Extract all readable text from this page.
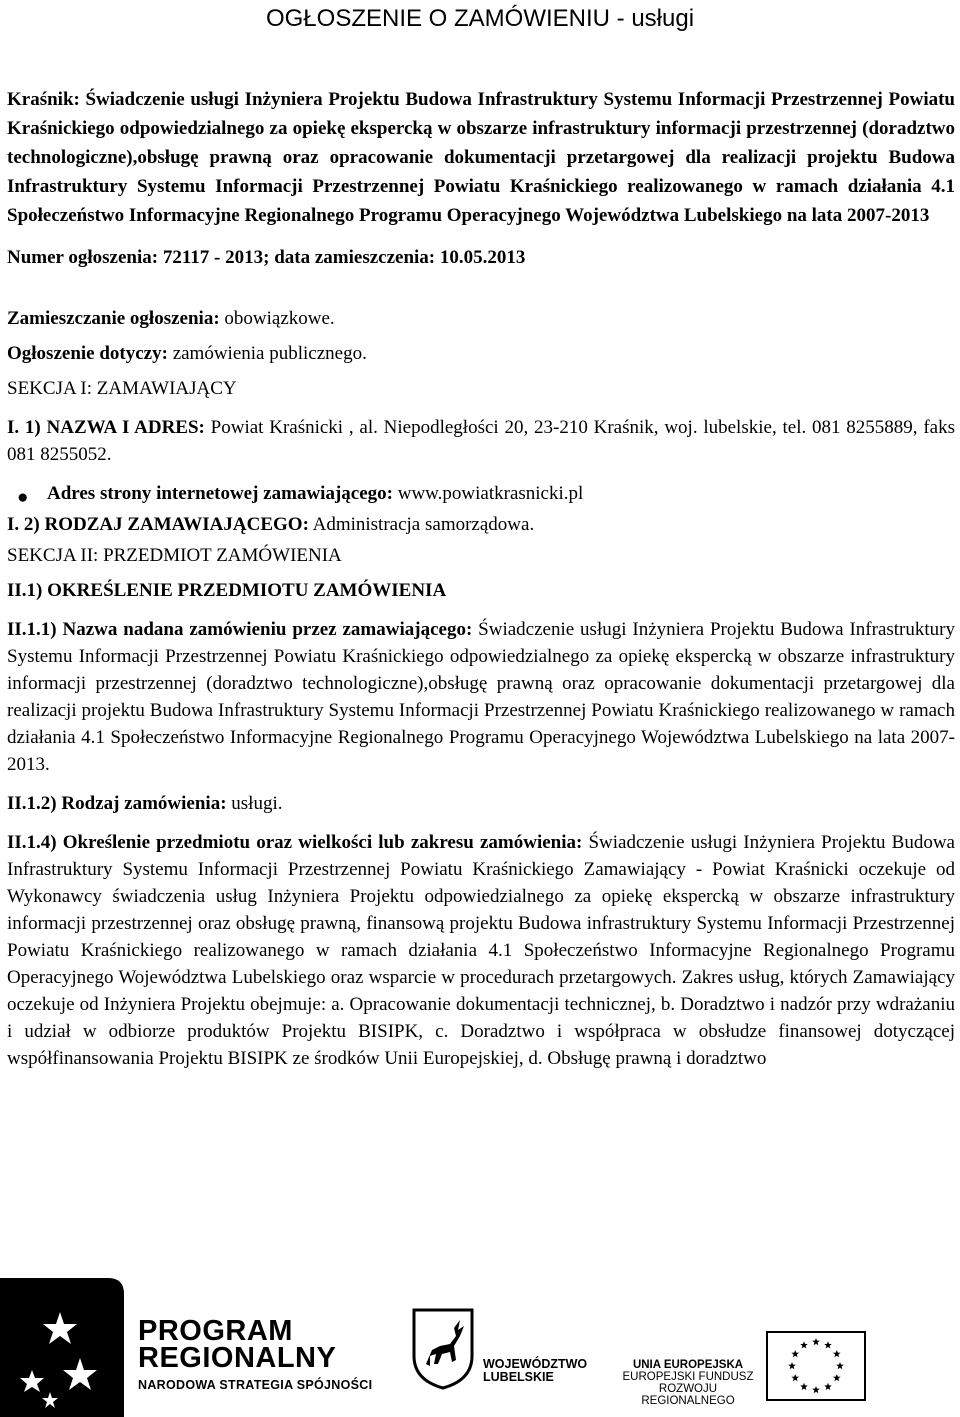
OGŁOSZENIE O ZAMÓWIENIU - usługi

Kraśnik: Świadczenie usługi Inżyniera Projektu Budowa Infrastruktury Systemu Informacji Przestrzennej Powiatu Kraśnickiego odpowiedzialnego za opiekę ekspercką w obszarze infrastruktury informacji przestrzennej (doradztwo technologiczne),obsługę prawną oraz opracowanie dokumentacji przetargowej dla realizacji projektu Budowa Infrastruktury Systemu Informacji Przestrzennej Powiatu Kraśnickiego realizowanego w ramach działania 4.1 Społeczeństwo Informacyjne Regionalnego Programu Operacyjnego Województwa Lubelskiego na lata 2007-2013

Numer ogłoszenia: 72117 - 2013; data zamieszczenia: 10.05.2013

Zamieszczanie ogłoszenia: obowiązkowe.

Ogłoszenie dotyczy: zamówienia publicznego.

SEKCJA I: ZAMAWIAJĄCY

I. 1) NAZWA I ADRES: Powiat Kraśnicki , al. Niepodległości 20, 23-210 Kraśnik, woj. lubelskie, tel. 081 8255889, faks 081 8255052.

● Adres strony internetowej zamawiającego: www.powiatkrasnicki.pl

I. 2) RODZAJ ZAMAWIAJĄCEGO: Administracja samorządowa.

SEKCJA II: PRZEDMIOT ZAMÓWIENIA

II.1) OKREŚLENIE PRZEDMIOTU ZAMÓWIENIA

II.1.1) Nazwa nadana zamówieniu przez zamawiającego: Świadczenie usługi Inżyniera Projektu Budowa Infrastruktury Systemu Informacji Przestrzennej Powiatu Kraśnickiego odpowiedzialnego za opiekę ekspercką w obszarze infrastruktury informacji przestrzennej (doradztwo technologiczne),obsługę prawną oraz opracowanie dokumentacji przetargowej dla realizacji projektu Budowa Infrastruktury Systemu Informacji Przestrzennej Powiatu Kraśnickiego realizowanego w ramach działania 4.1 Społeczeństwo Informacyjne Regionalnego Programu Operacyjnego Województwa Lubelskiego na lata 2007-2013.

II.1.2) Rodzaj zamówienia: usługi.

II.1.4) Określenie przedmiotu oraz wielkości lub zakresu zamówienia: Świadczenie usługi Inżyniera Projektu Budowa Infrastruktury Systemu Informacji Przestrzennej Powiatu Kraśnickiego Zamawiający - Powiat Kraśnicki oczekuje od Wykonawcy świadczenia usług Inżyniera Projektu odpowiedzialnego za opiekę ekspercką w obszarze infrastruktury informacji przestrzennej oraz obsługę prawną, finansową projektu Budowa infrastruktury Systemu Informacji Przestrzennej Powiatu Kraśnickiego realizowanego w ramach działania 4.1 Społeczeństwo Informacyjne Regionalnego Programu Operacyjnego Województwa Lubelskiego oraz wsparcie w procedurach przetargowych. Zakres usług, których Zamawiający oczekuje od Inżyniera Projektu obejmuje: a. Opracowanie dokumentacji technicznej, b. Doradztwo i nadzór przy wdrażaniu i udział w odbiorze produktów Projektu BISIPK, c. Doradztwo i współpraca w obsłudze finansowej dotyczącej współfinansowania Projektu BISIPK ze środków Unii Europejskiej, d. Obsługę prawną i doradztwo

PROGRAM
REGIONALNY
NARODOWA STRATEGIA SPÓJNOŚCI
WOJEWÓDZTWO
LUBELSKIE
UNIA EUROPEJSKA
EUROPEJSKI FUNDUSZ
ROZWOJU REGIONALNEGO
